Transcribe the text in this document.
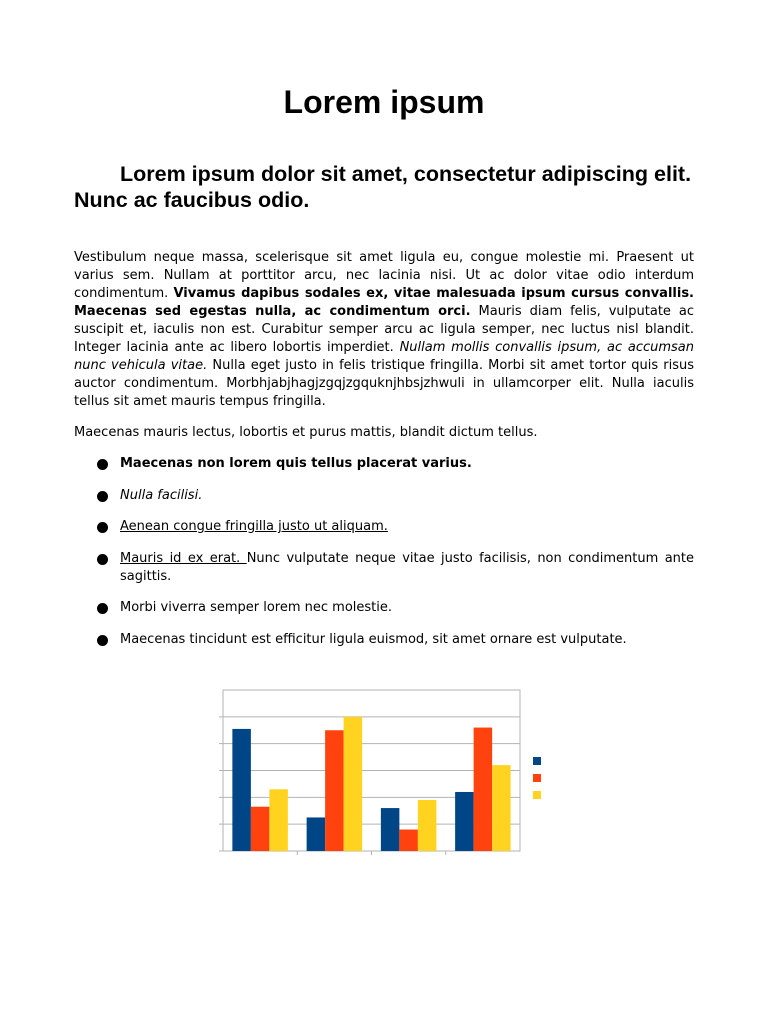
Lorem ipsum
Lorem ipsum dolor sit amet, consectetur adipiscing elit. Nunc ac faucibus odio.

Vestibulum neque massa, scelerisque sit amet ligula eu, congue molestie mi. Praesent ut varius sem. Nullam at porttitor arcu, nec lacinia nisi. Ut ac dolor vitae odio interdum condimentum. Vivamus dapibus sodales ex, vitae malesuada ipsum cursus convallis. Maecenas sed egestas nulla, ac condimentum orci. Mauris diam felis, vulputate ac suscipit et, iaculis non est. Curabitur semper arcu ac ligula semper, nec luctus nisl blandit. Integer lacinia ante ac libero lobortis imperdiet. Nullam mollis convallis ipsum, ac accumsan nunc vehicula vitae. Nulla eget justo in felis tristique fringilla. Morbi sit amet tortor quis risus auctor condimentum. Morbhjabjhagjzgqjzgquknjhbsjzhwuli in ullamcorper elit. Nulla iaculis tellus sit amet mauris tempus fringilla.

Maecenas mauris lectus, lobortis et purus mattis, blandit dictum tellus.

Maecenas non lorem quis tellus placerat varius.
Nulla facilisi.
Aenean congue fringilla justo ut aliquam.
Mauris id ex erat. Nunc vulputate neque vitae justo facilisis, non condimentum ante sagittis.
Morbi viverra semper lorem nec molestie.
Maecenas tincidunt est efficitur ligula euismod, sit amet ornare est vulputate.
